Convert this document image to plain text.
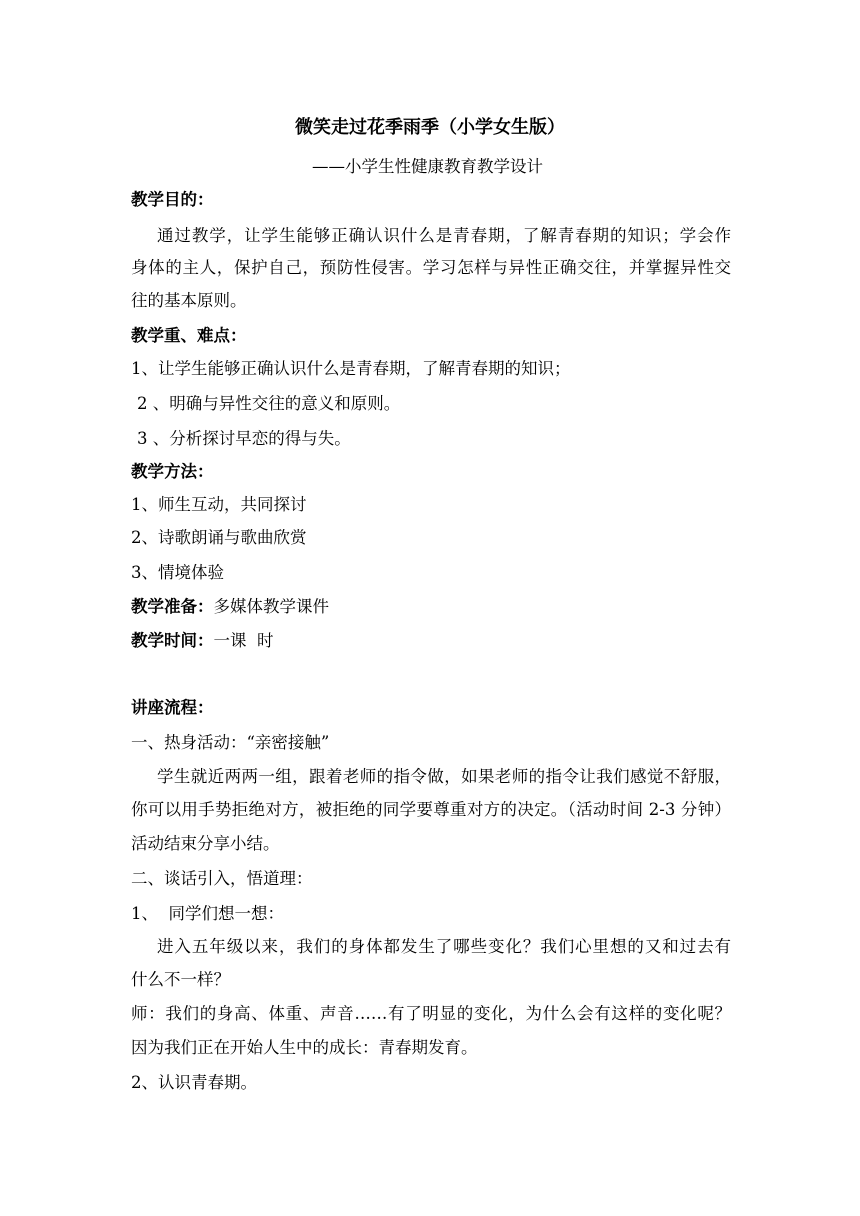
微笑走过花季雨季（小学女生版）
——小学生性健康教育教学设计
教学目的：
通过教学，让学生能够正确认识什么是青春期，了解青春期的知识；学会作
身体的主人，保护自己，预防性侵害。学习怎样与异性正确交往，并掌握异性交
往的基本原则。
教学重、难点：
1、让学生能够正确认识什么是青春期，了解青春期的知识；
2 、明确与异性交往的意义和原则。
3 、分析探讨早恋的得与失。
教学方法：
1、师生互动，共同探讨
2、诗歌朗诵与歌曲欣赏
3、情境体验
教学准备：多媒体教学课件
教学时间：一课  时
讲座流程：
一、热身活动：“亲密接触”
学生就近两两一组，跟着老师的指令做，如果老师的指令让我们感觉不舒服，
你可以用手势拒绝对方，被拒绝的同学要尊重对方的决定。（活动时间 2-3 分钟）
活动结束分享小结。
二、谈话引入，悟道理：
1、  同学们想一想：
进入五年级以来，我们的身体都发生了哪些变化？我们心里想的又和过去有
什么不一样？
师：我们的身高、体重、声音……有了明显的变化，为什么会有这样的变化呢？
因为我们正在开始人生中的成长：青春期发育。
2、认识青春期。
